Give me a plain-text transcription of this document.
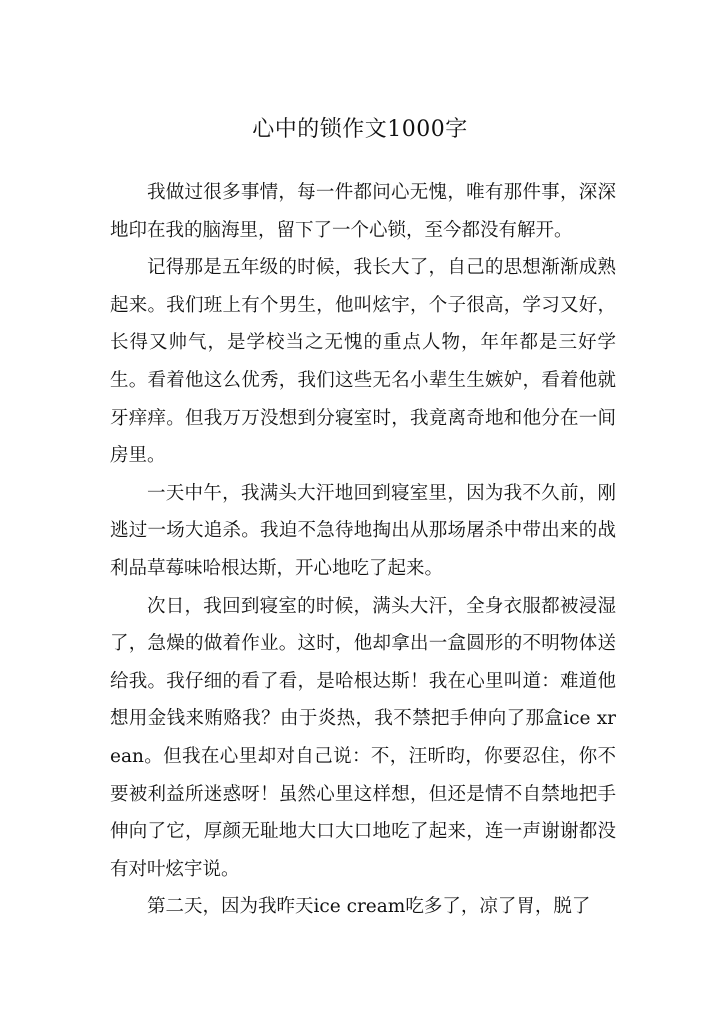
心中的锁作文1000字

我做过很多事情，每一件都问心无愧，唯有那件事，深深地印在我的脑海里，留下了一个心锁，至今都没有解开。

记得那是五年级的时候，我长大了，自己的思想渐渐成熟起来。我们班上有个男生，他叫炫宇，个子很高，学习又好，长得又帅气，是学校当之无愧的重点人物，年年都是三好学生。看着他这么优秀，我们这些无名小辈生生嫉妒，看着他就牙痒痒。但我万万没想到分寝室时，我竟离奇地和他分在一间房里。

一天中午，我满头大汗地回到寝室里，因为我不久前，刚逃过一场大追杀。我迫不急待地掏出从那场屠杀中带出来的战利品草莓味哈根达斯，开心地吃了起来。

次日，我回到寝室的时候，满头大汗，全身衣服都被浸湿了，急燥的做着作业。这时，他却拿出一盒圆形的不明物体送给我。我仔细的看了看，是哈根达斯！我在心里叫道：难道他想用金钱来贿赂我？由于炎热，我不禁把手伸向了那盒ice xrean。但我在心里却对自己说：不，汪昕昀，你要忍住，你不要被利益所迷惑呀！虽然心里这样想，但还是情不自禁地把手伸向了它，厚颜无耻地大口大口地吃了起来，连一声谢谢都没有对叶炫宇说。

第二天，因为我昨天ice cream吃多了，凉了胃，脱了
